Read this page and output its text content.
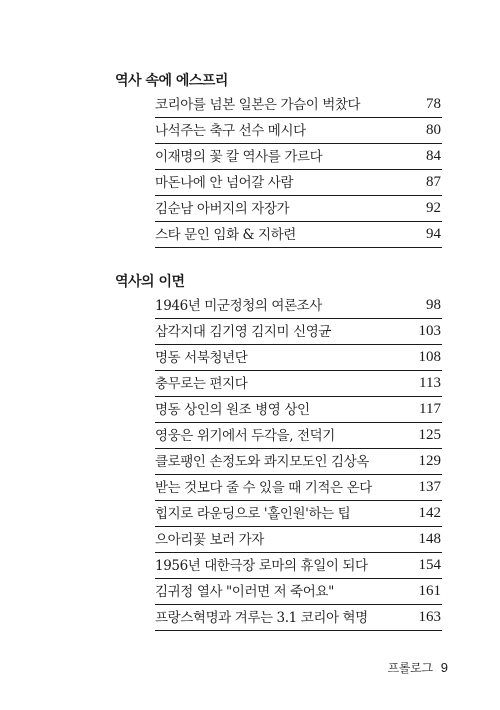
역사 속에 에스프리
코리아를 넘본 일본은 가슴이 벅찼다	78
나석주는 축구 선수 메시다	80
이재명의 꽃 칼 역사를 가르다	84
마돈나에 안 넘어갈 사람	87
김순남 아버지의 자장가	92
스타 문인 임화 & 지하련	94
역사의 이면
1946년 미군정청의 여론조사	98
삼각지대 김기영 김지미 신영균	103
명동 서북청년단	108
충무로는 편지다	113
명동 상인의 원조 병영 상인	117
영웅은 위기에서 두각을, 전덕기	125
클로팽인 손정도와 콰지모도인 김상옥	129
받는 것보다 줄 수 있을 때 기적은 온다	137
힙지로 라운딩으로 '홀인원'하는 팁	142
으아리꽃 보러 가자	148
1956년 대한극장 로마의 휴일이 되다	154
김귀정 열사 "이러면 저 죽어요"	161
프랑스혁명과 겨루는 3.1 코리아 혁명	163
프롤로그 9
